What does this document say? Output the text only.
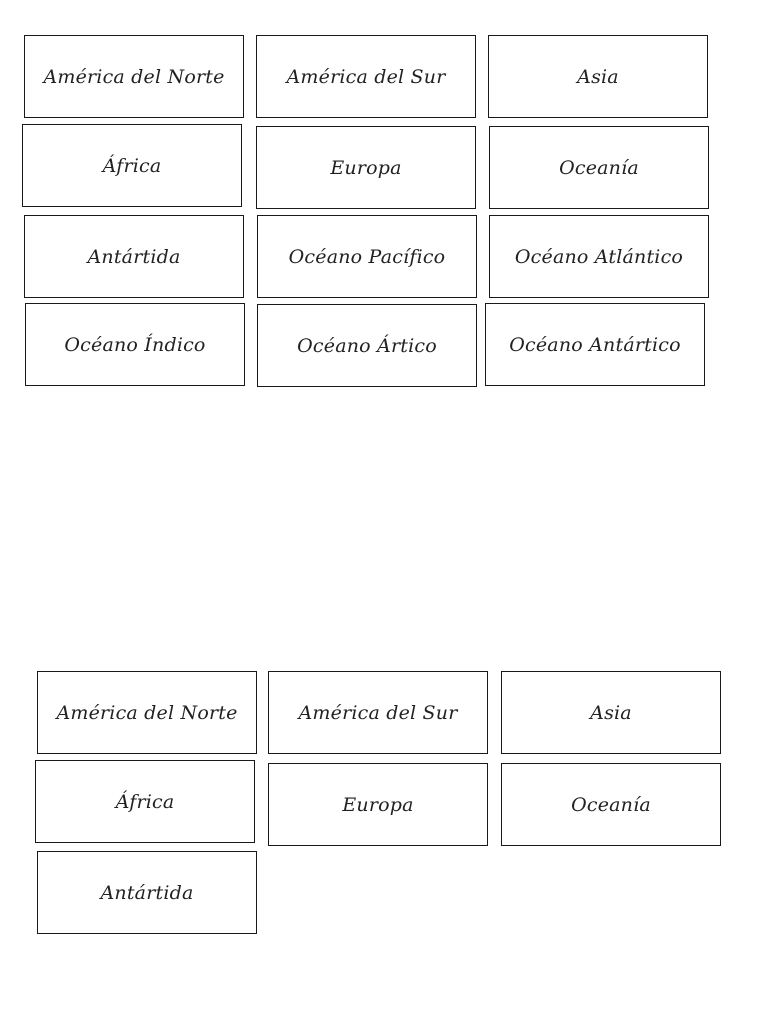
América del Norte	América del Sur	Asia
África	Europa	Oceanía
Antártida	Océano Pacífico	Océano Atlántico
Océano Índico	Océano Ártico	Océano Antártico
América del Norte	América del Sur	Asia
África	Europa	Oceanía
Antártida
